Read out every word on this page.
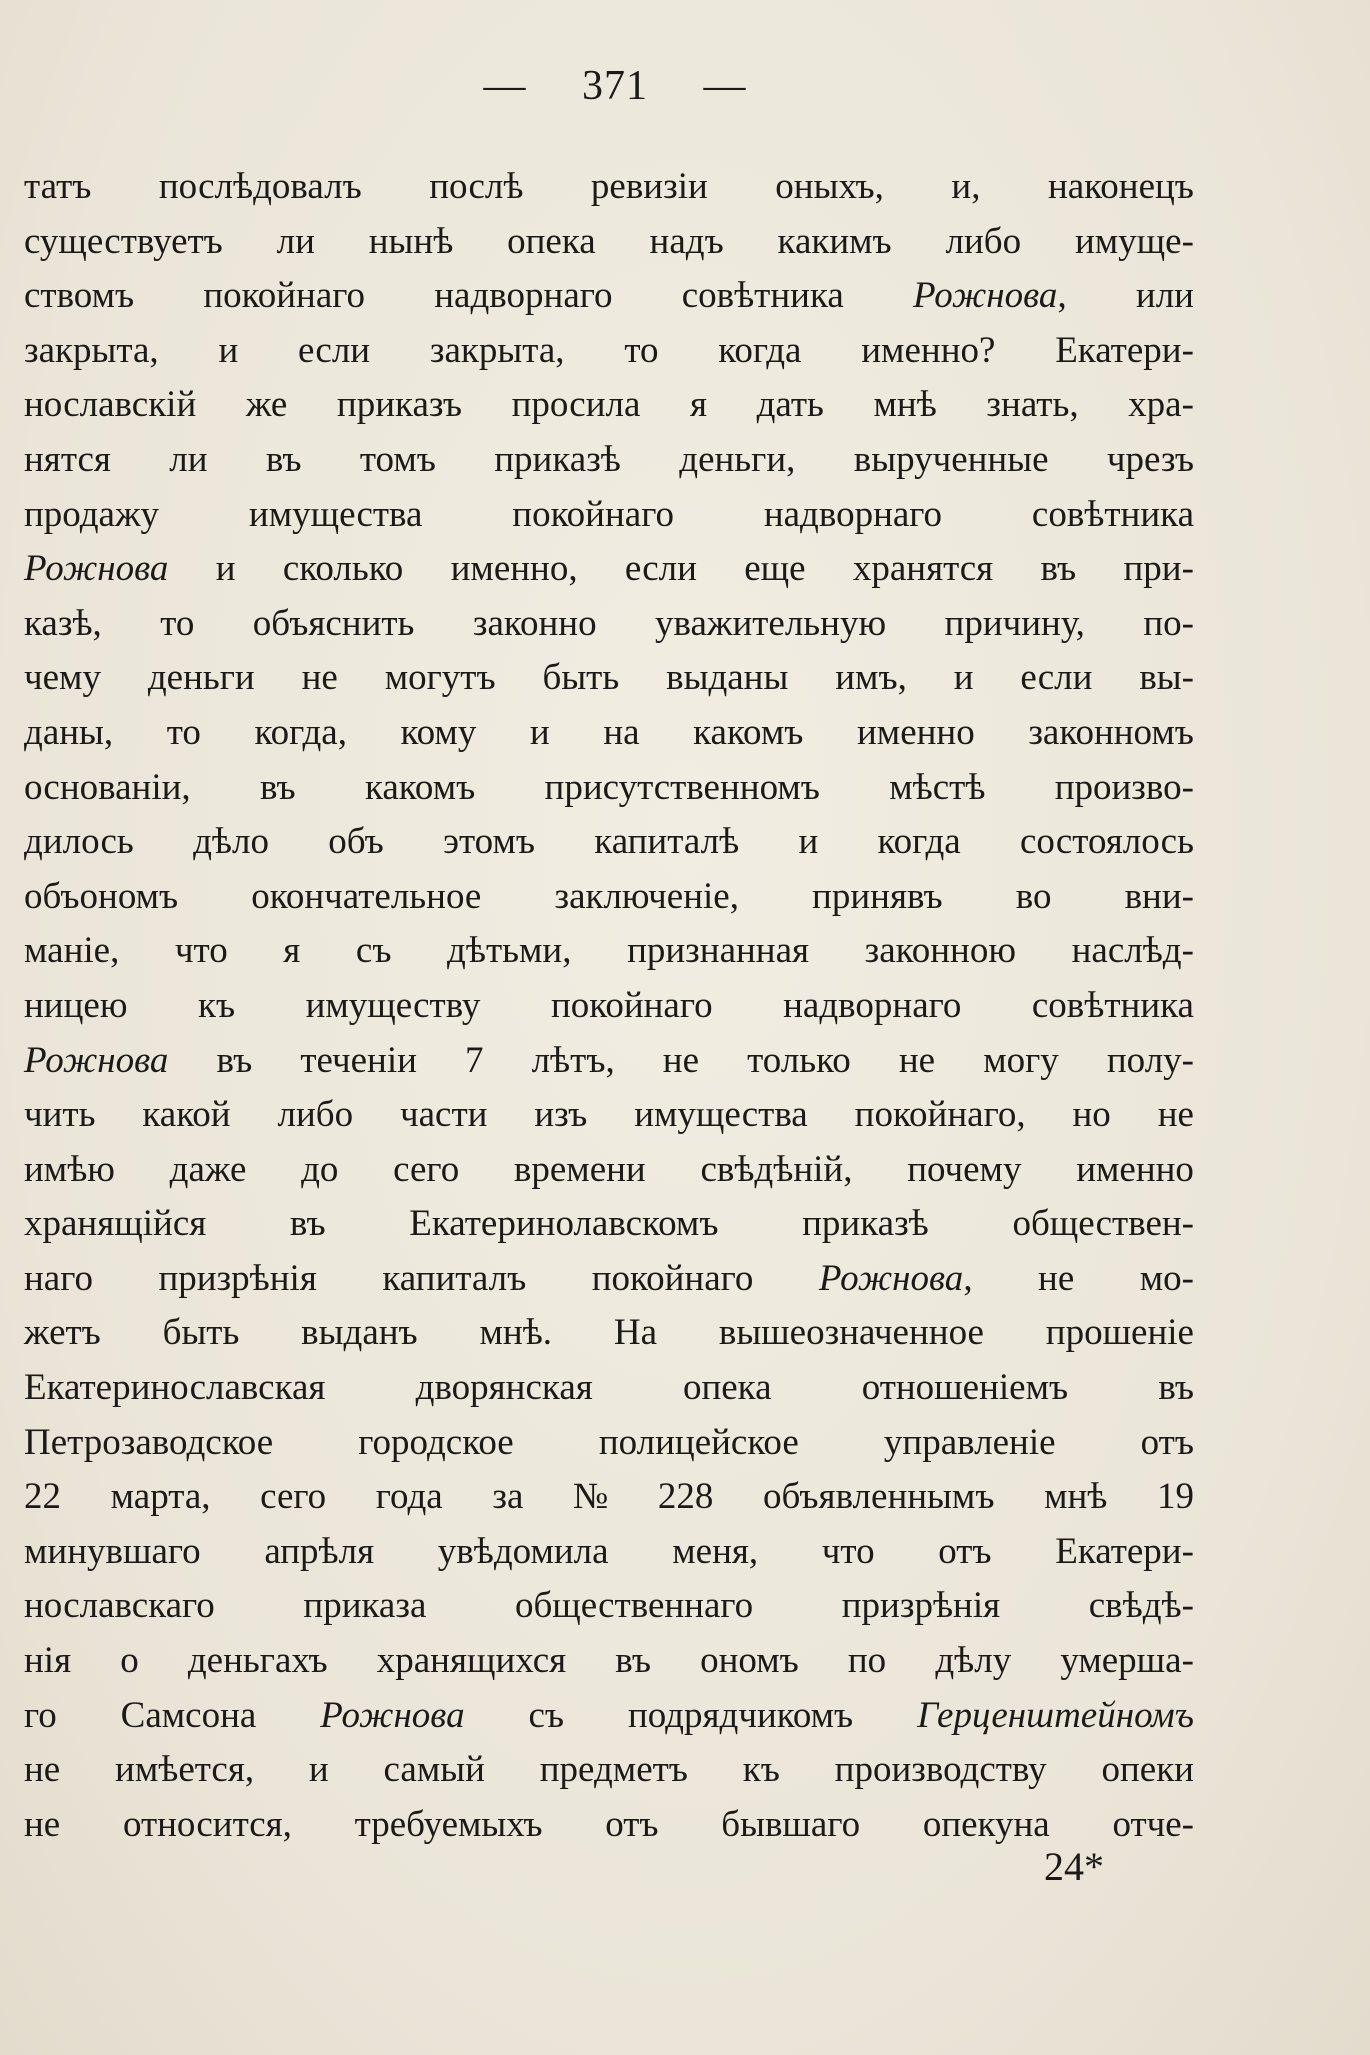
— 371 —
татъ послѣдовалъ послѣ ревизіи оныхъ, и, наконецъ
существуетъ ли нынѣ опека надъ какимъ либо имуще-
ствомъ покойнаго надворнаго совѣтника Рожнова, или
закрыта, и если закрыта, то когда именно? Екатери-
нославскій же приказъ просила я дать мнѣ знать, хра-
нятся ли въ томъ приказѣ деньги, вырученные чрезъ
продажу имущества покойнаго надворнаго совѣтника
Рожнова и сколько именно, если еще хранятся въ при-
казѣ, то объяснить законно уважительную причину, по-
чему деньги не могутъ быть выданы имъ, и если вы-
даны, то когда, кому и на какомъ именно законномъ
основаніи, въ какомъ присутственномъ мѣстѣ произво-
дилось дѣло объ этомъ капиталѣ и когда состоялось
объономъ окончательное заключеніе, принявъ во вни-
маніе, что я съ дѣтьми, признанная законною наслѣд-
ницею къ имуществу покойнаго надворнаго совѣтника
Рожнова въ теченіи 7 лѣтъ, не только не могу полу-
чить какой либо части изъ имущества покойнаго, но не
имѣю даже до сего времени свѣдѣній, почему именно
хранящійся въ Екатеринолавскомъ приказѣ обществен-
наго призрѣнія капиталъ покойнаго Рожнова, не мо-
жетъ быть выданъ мнѣ. На вышеозначенное прошеніе
Екатеринославская дворянская опека отношеніемъ въ
Петрозаводское городское полицейское управленіе отъ
22 марта, сего года за № 228 объявленнымъ мнѣ 19
минувшаго апрѣля увѣдомила меня, что отъ Екатери-
нославскаго приказа общественнаго призрѣнія свѣдѣ-
нія о деньгахъ хранящихся въ ономъ по дѣлу умерша-
го Самсона Рожнова съ подрядчикомъ Герценштейномъ
не имѣется, и самый предметъ къ производству опеки
не относится, требуемыхъ отъ бывшаго опекуна отче-
24*
